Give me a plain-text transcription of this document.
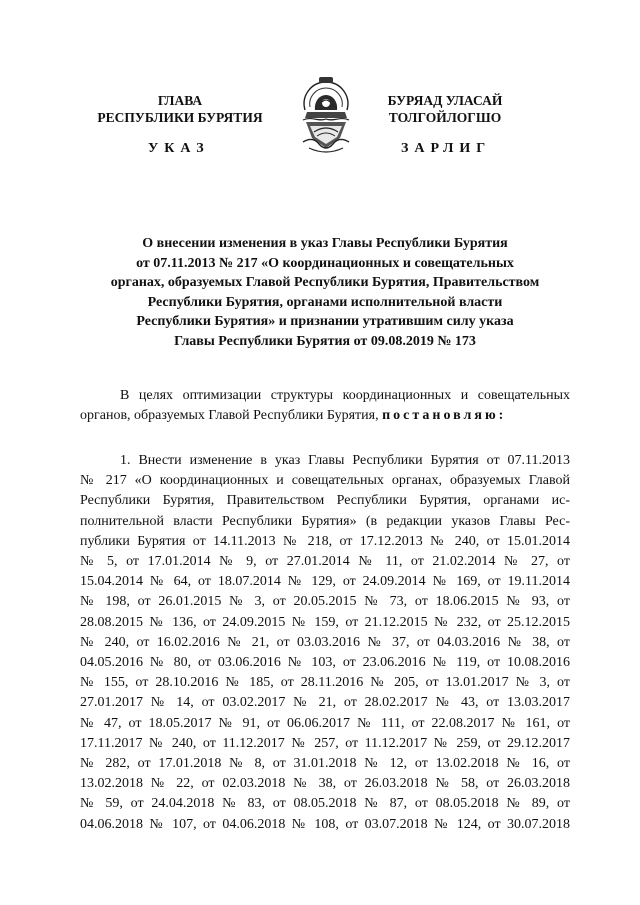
ГЛАВА
РЕСПУБЛИКИ БУРЯТИЯ
БУРЯАД УЛАСАЙ
ТОЛГОЙЛОГШО
УКАЗ	ЗАРЛИГ
О внесении изменения в указ Главы Республики Бурятия
от 07.11.2013 № 217 «О координационных и совещательных
органах, образуемых Главой Республики Бурятия, Правительством
Республики Бурятия, органами исполнительной власти
Республики Бурятия» и признании утратившим силу указа
Главы Республики Бурятия от 09.08.2019 № 173
В целях оптимизации структуры координационных и совещательных
органов, образуемых Главой Республики Бурятия, постановляю:
1. Внести изменение в указ Главы Республики Бурятия от 07.11.2013
№ 217 «О координационных и совещательных органах, образуемых Главой
Республики Бурятия, Правительством Республики Бурятия, органами ис-
полнительной власти Республики Бурятия» (в редакции указов Главы Рес-
публики Бурятия от 14.11.2013 № 218, от 17.12.2013 № 240, от 15.01.2014
№ 5, от 17.01.2014 № 9, от 27.01.2014 № 11, от 21.02.2014 № 27, от
15.04.2014 № 64, от 18.07.2014 № 129, от 24.09.2014 № 169, от 19.11.2014
№ 198, от 26.01.2015 № 3, от 20.05.2015 № 73, от 18.06.2015 № 93, от
28.08.2015 № 136, от 24.09.2015 № 159, от 21.12.2015 № 232, от 25.12.2015
№ 240, от 16.02.2016 № 21, от 03.03.2016 № 37, от 04.03.2016 № 38, от
04.05.2016 № 80, от 03.06.2016 № 103, от 23.06.2016 № 119, от 10.08.2016
№ 155, от 28.10.2016 № 185, от 28.11.2016 № 205, от 13.01.2017 № 3, от
27.01.2017 № 14, от 03.02.2017 № 21, от 28.02.2017 № 43, от 13.03.2017
№ 47, от 18.05.2017 № 91, от 06.06.2017 № 111, от 22.08.2017 № 161, от
17.11.2017 № 240, от 11.12.2017 № 257, от 11.12.2017 № 259, от 29.12.2017
№ 282, от 17.01.2018 № 8, от 31.01.2018 № 12, от 13.02.2018 № 16, от
13.02.2018 № 22, от 02.03.2018 № 38, от 26.03.2018 № 58, от 26.03.2018
№ 59, от 24.04.2018 № 83, от 08.05.2018 № 87, от 08.05.2018 № 89, от
04.06.2018 № 107, от 04.06.2018 № 108, от 03.07.2018 № 124, от 30.07.2018
